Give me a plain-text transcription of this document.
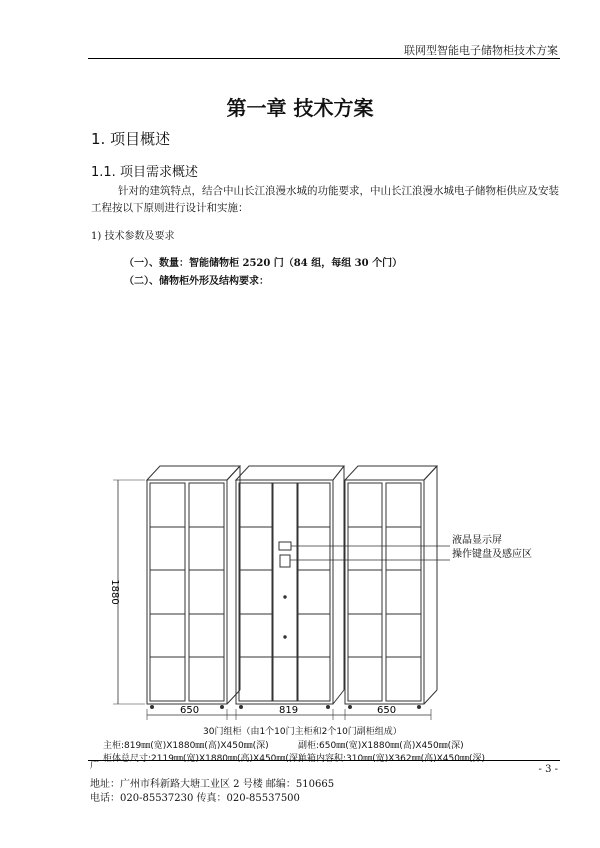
联网型智能电子储物柜技术方案
第一章 技术方案
1. 项目概述
1.1. 项目需求概述
针对的建筑特点，结合中山长江浪漫水城的功能要求，中山长江浪漫水城电子储物柜供应及安装
工程按以下原则进行设计和实施：
1) 技术参数及要求
（一）、数量：智能储物柜 2520 门（84 组，每组 30 个门）
（二）、储物柜外形及结构要求：
1880
650	819	650
液晶显示屏
操作键盘及感应区
30门组柜（由1个10门主柜和2个10门副柜组成）
主柜:819㎜(宽)X1880㎜(高)X450㎜(深)	副柜:650㎜(宽)X1880㎜(高)X450㎜(深)
柜体总尺寸:2119㎜(宽)X1880㎜(高)X450㎜(深)
单箱内容积:310㎜(宽)X362㎜(高)X450㎜(深)
广	- 3 -
地址：广州市科新路大塘工业区 2 号楼 邮编：510665
电话：020-85537230 传真：020-85537500
